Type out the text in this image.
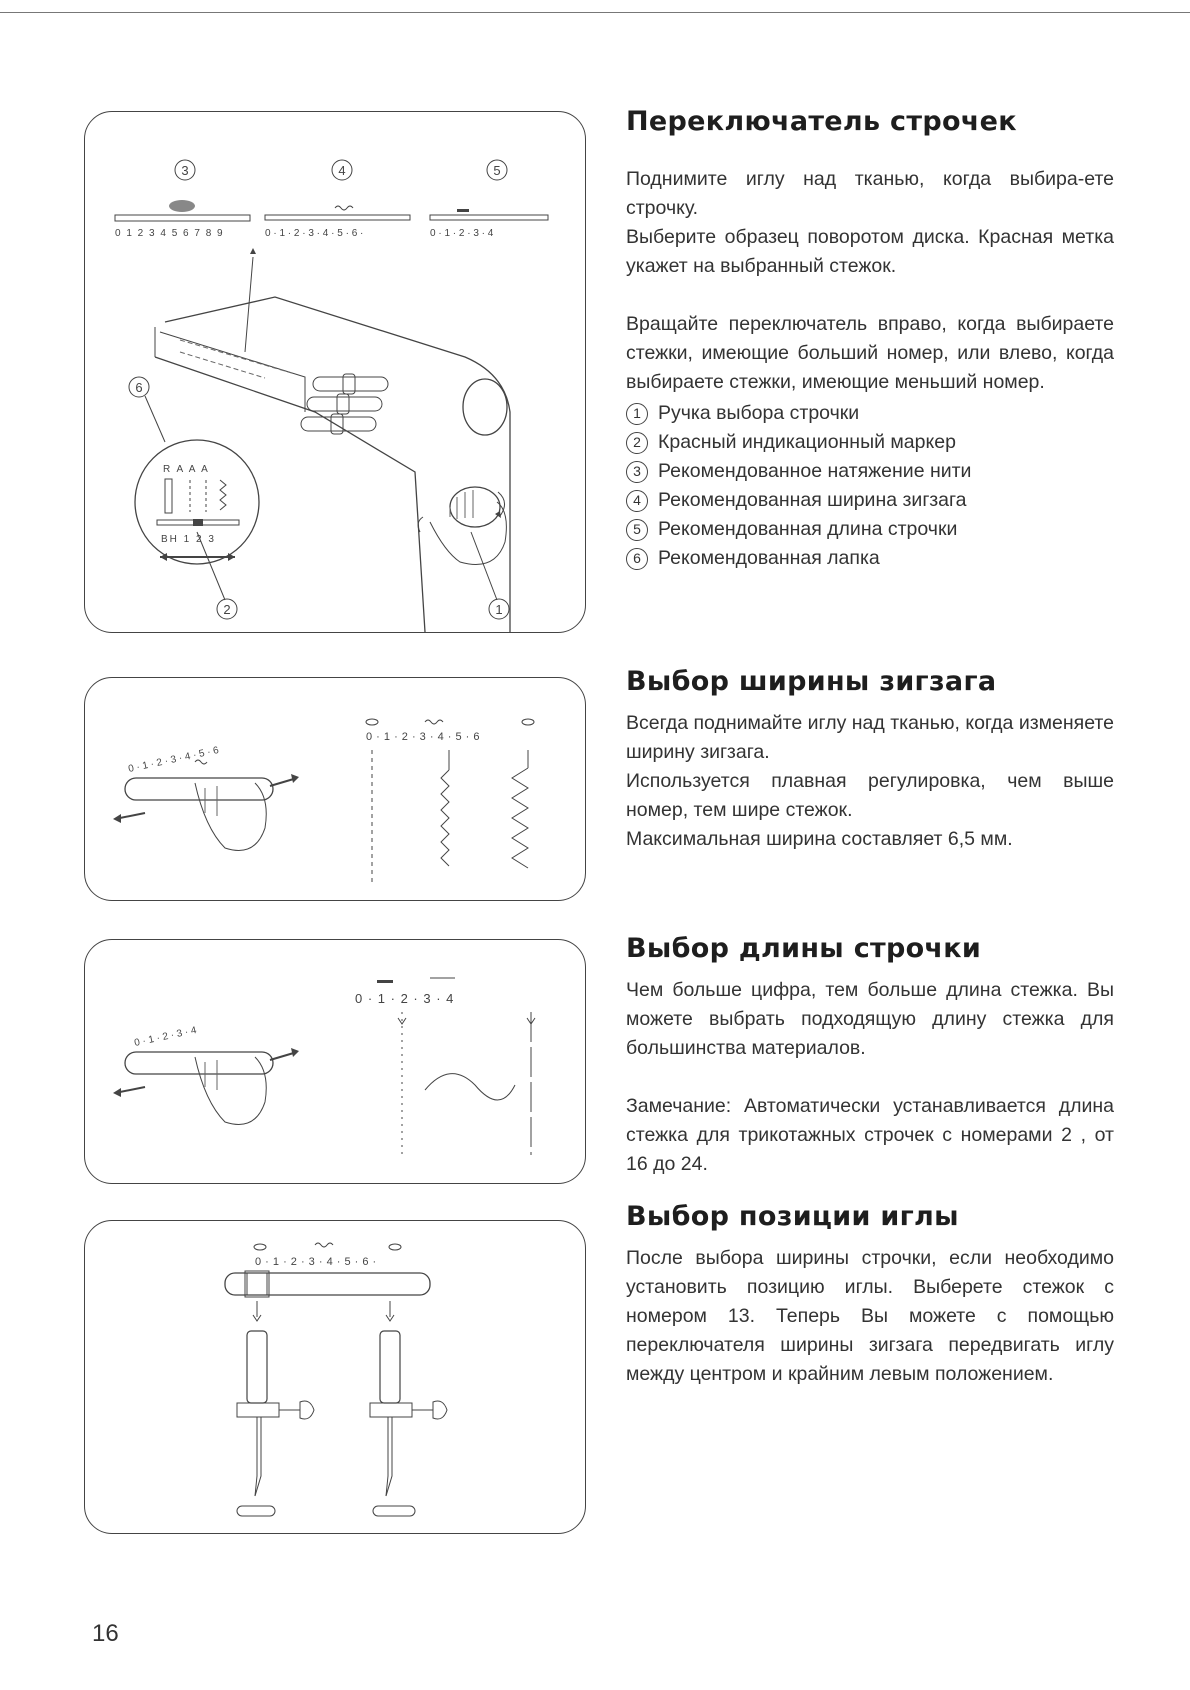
3	4	5
0 1 2 3 4 5 6 7 8 9	0 · 1 · 2 · 3 · 4 · 5 · 6 ·	0 · 1 · 2 · 3 · 4
6
R A A A
BH 1 2 3
2	1
0 · 1 · 2 · 3 · 4 · 5 · 6
0 · 1 · 2 · 3 · 4 · 5 · 6
0 · 1 · 2 · 3 · 4
0 · 1 · 2 · 3 · 4
0 · 1 · 2 · 3 · 4 · 5 · 6 ·
Переключатель строчек

Поднимите иглу над тканью, когда выбира-ете строчку.

Выберите образец поворотом диска. Красная метка укажет на выбранный стежок.

Вращайте переключатель вправо, когда выбираете стежки, имеющие больший номер, или влево, когда выбираете стежки, имеющие меньший номер.

1 Ручка выбора строчки
2 Красный индикационный маркер
3 Рекомендованное натяжение нити
4 Рекомендованная ширина зигзага
5 Рекомендованная длина строчки
6 Рекомендованная лапка
Выбор ширины зигзага

Всегда поднимайте иглу над тканью, когда изменяете ширину зигзага.

Используется плавная регулировка, чем выше номер, тем шире стежок.

Максимальная ширина составляет 6,5 мм.

Выбор длины строчки

Чем больше цифра, тем больше длина стежка. Вы можете выбрать подходящую длину стежка для большинства материалов.

Замечание: Автоматически устанавливается длина стежка для трикотажных строчек с номерами 2 , от 16 до 24.

Выбор позиции иглы

После выбора ширины строчки, если необходимо установить позицию иглы. Выберете стежок с номером 13. Теперь Вы можете с помощью переключателя ширины зигзага передвигать иглу между центром и крайним левым положением.

16
